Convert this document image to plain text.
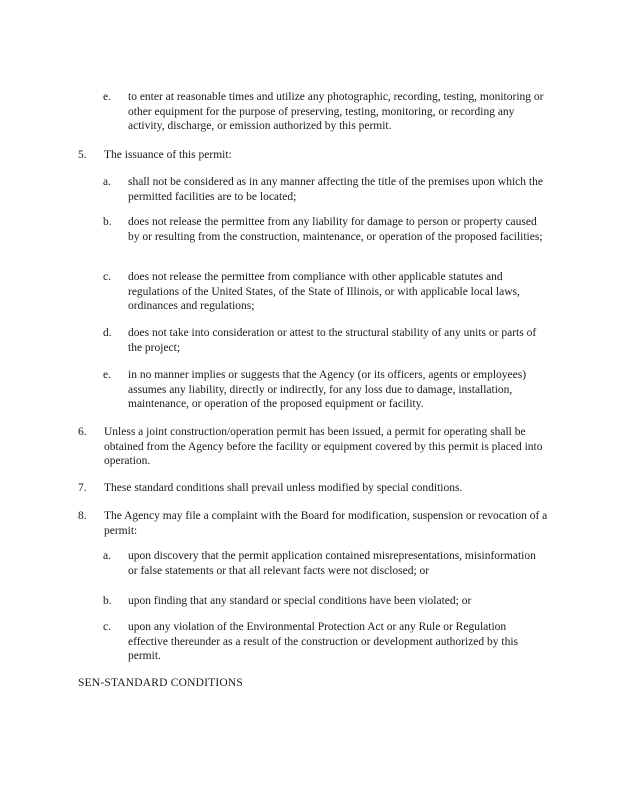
e. to enter at reasonable times and utilize any photographic, recording, testing, monitoring or other equipment for the purpose of preserving, testing, monitoring, or recording any activity, discharge, or emission authorized by this permit.
5. The issuance of this permit:
a. shall not be considered as in any manner affecting the title of the premises upon which the permitted facilities are to be located;
b. does not release the permittee from any liability for damage to person or property caused by or resulting from the construction, maintenance, or operation of the proposed facilities;
c. does not release the permittee from compliance with other applicable statutes and regulations of the United States, of the State of Illinois, or with applicable local laws, ordinances and regulations;
d. does not take into consideration or attest to the structural stability of any units or parts of the project;
e. in no manner implies or suggests that the Agency (or its officers, agents or employees) assumes any liability, directly or indirectly, for any loss due to damage, installation, maintenance, or operation of the proposed equipment or facility.
6. Unless a joint construction/operation permit has been issued, a permit for operating shall be obtained from the Agency before the facility or equipment covered by this permit is placed into operation.
7. These standard conditions shall prevail unless modified by special conditions.
8. The Agency may file a complaint with the Board for modification, suspension or revocation of a permit:
a. upon discovery that the permit application contained misrepresentations, misinformation or false statements or that all relevant facts were not disclosed; or
b. upon finding that any standard or special conditions have been violated; or
c. upon any violation of the Environmental Protection Act or any Rule or Regulation effective thereunder as a result of the construction or development authorized by this permit.
SEN-STANDARD CONDITIONS
